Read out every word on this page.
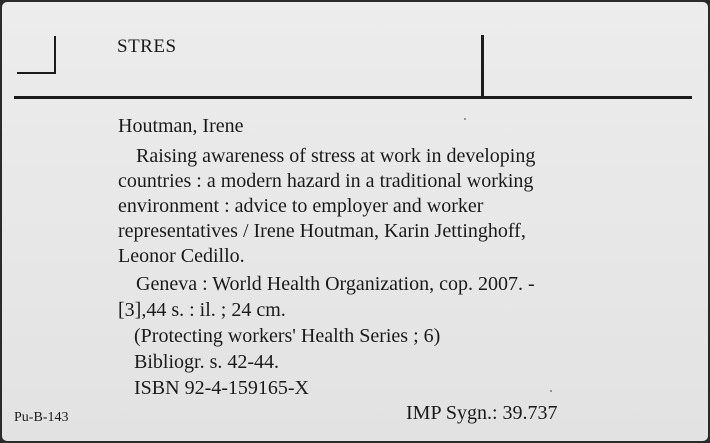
STRES
Houtman, Irene
Raising awareness of stress at work in developing
countries : a modern hazard in a traditional working
environment : advice to employer and worker
representatives / Irene Houtman, Karin Jettinghoff,
Leonor Cedillo.
Geneva : World Health Organization, cop. 2007. -
[3],44 s. : il. ; 24 cm.
(Protecting workers' Health Series ; 6)
Bibliogr. s. 42-44.
ISBN 92-4-159165-X
Pu-B-143	IMP Sygn.: 39.737
